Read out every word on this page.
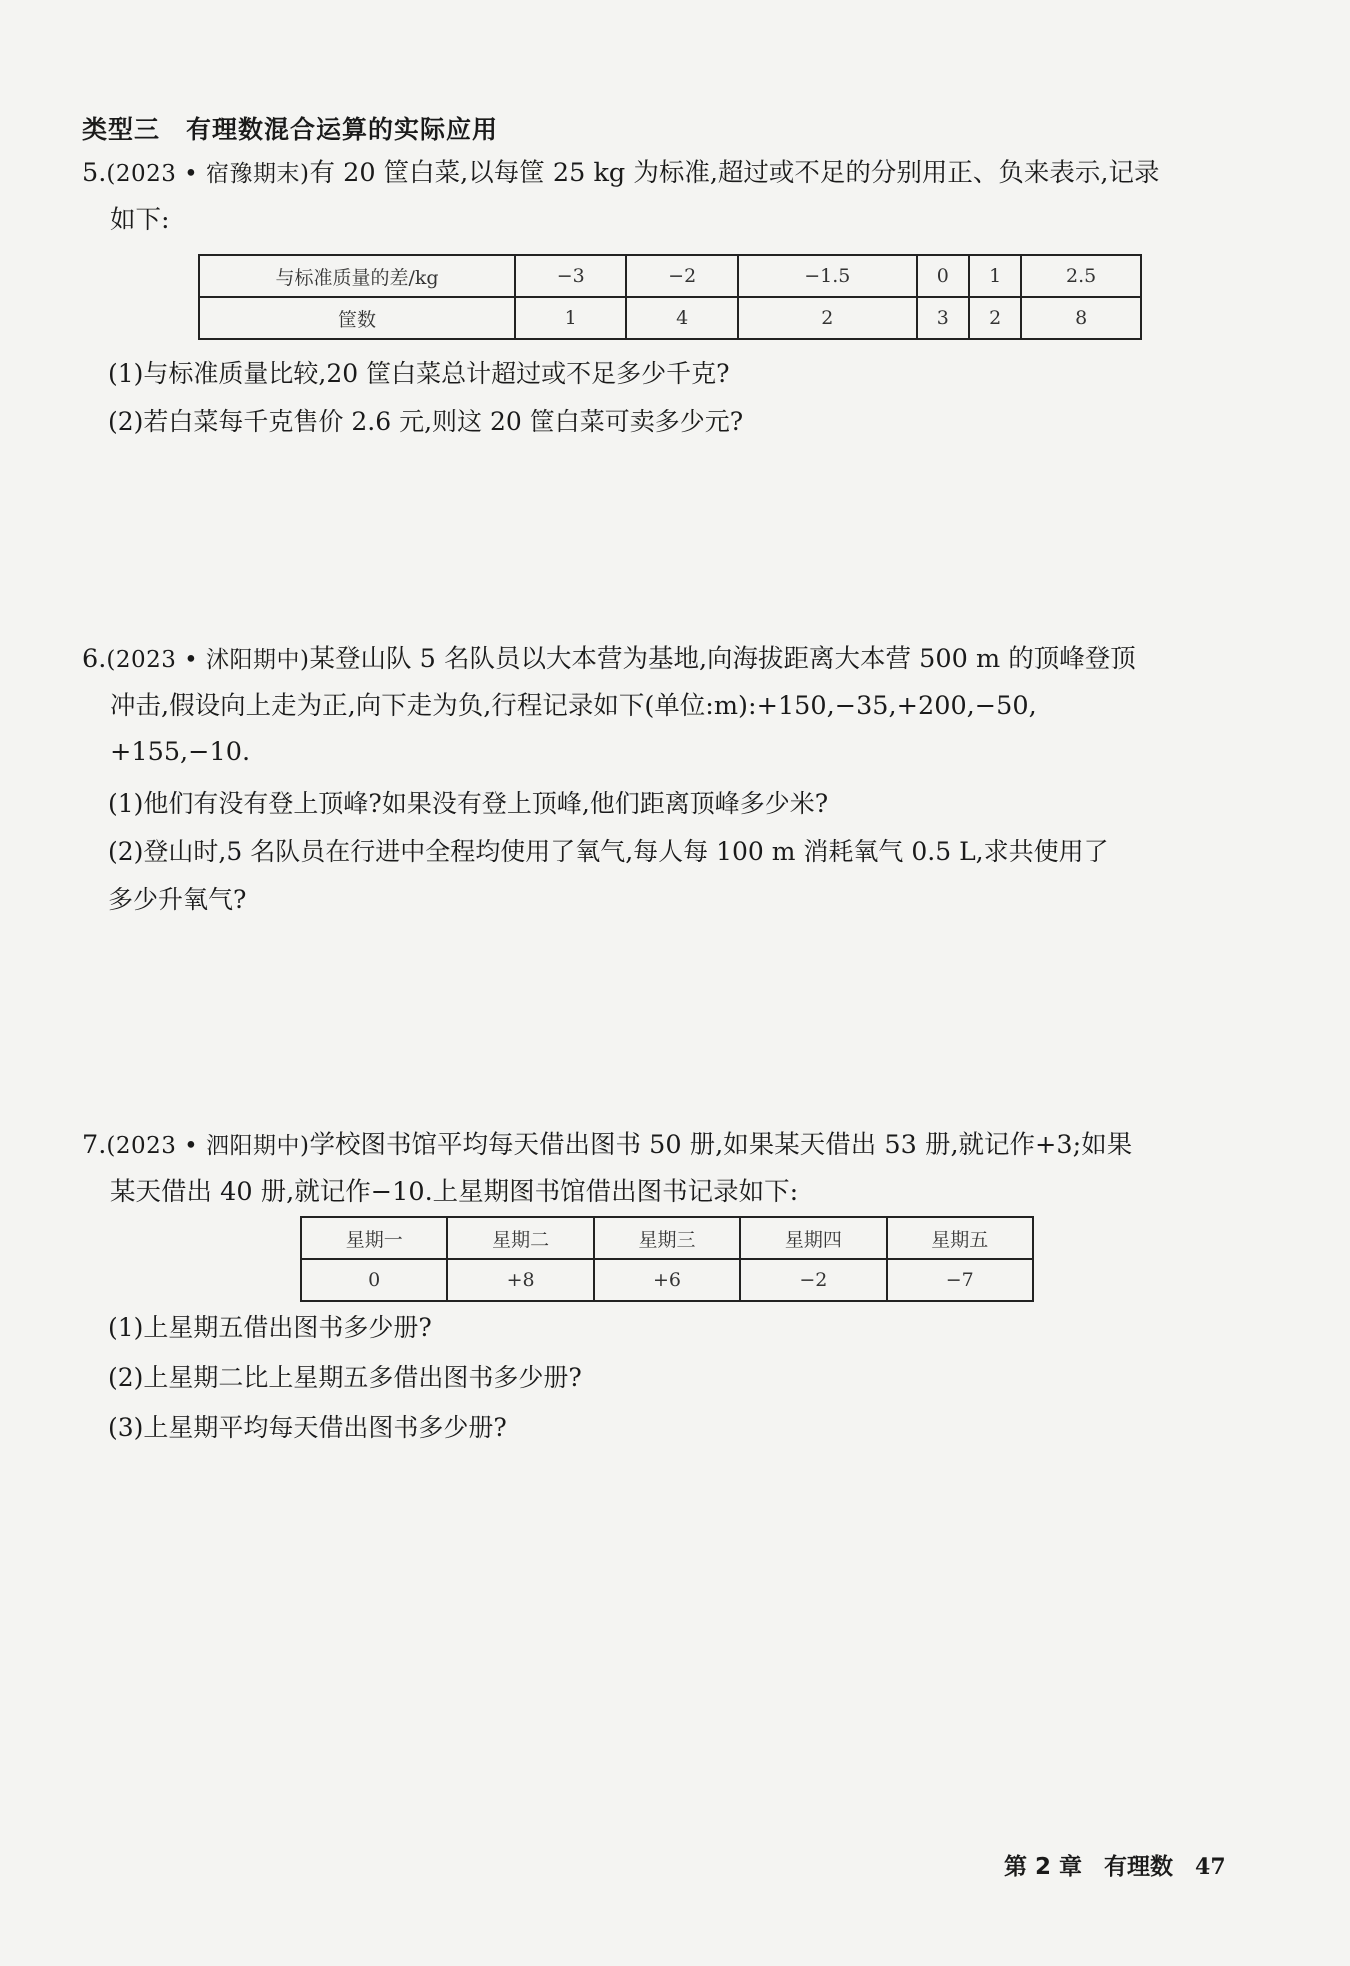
类型三 有理数混合运算的实际应用
5.(2023 • 宿豫期末)有 20 筐白菜,以每筐 25 kg 为标准,超过或不足的分别用正、负来表示,记录
如下:
与标准质量的差/kg	−3	−2	−1.5	0	1	2.5
筐数	1	4	2	3	2	8
(1)与标准质量比较,20 筐白菜总计超过或不足多少千克?
(2)若白菜每千克售价 2.6 元,则这 20 筐白菜可卖多少元?
6.(2023 • 沭阳期中)某登山队 5 名队员以大本营为基地,向海拔距离大本营 500 m 的顶峰登顶
冲击,假设向上走为正,向下走为负,行程记录如下(单位:m):+150,−35,+200,−50,
+155,−10.
(1)他们有没有登上顶峰?如果没有登上顶峰,他们距离顶峰多少米?
(2)登山时,5 名队员在行进中全程均使用了氧气,每人每 100 m 消耗氧气 0.5 L,求共使用了
多少升氧气?
7.(2023 • 泗阳期中)学校图书馆平均每天借出图书 50 册,如果某天借出 53 册,就记作+3;如果
某天借出 40 册,就记作−10.上星期图书馆借出图书记录如下:
星期一	星期二	星期三	星期四	星期五
0	+8	+6	−2	−7
(1)上星期五借出图书多少册?
(2)上星期二比上星期五多借出图书多少册?
(3)上星期平均每天借出图书多少册?
第 2 章 有理数 47
